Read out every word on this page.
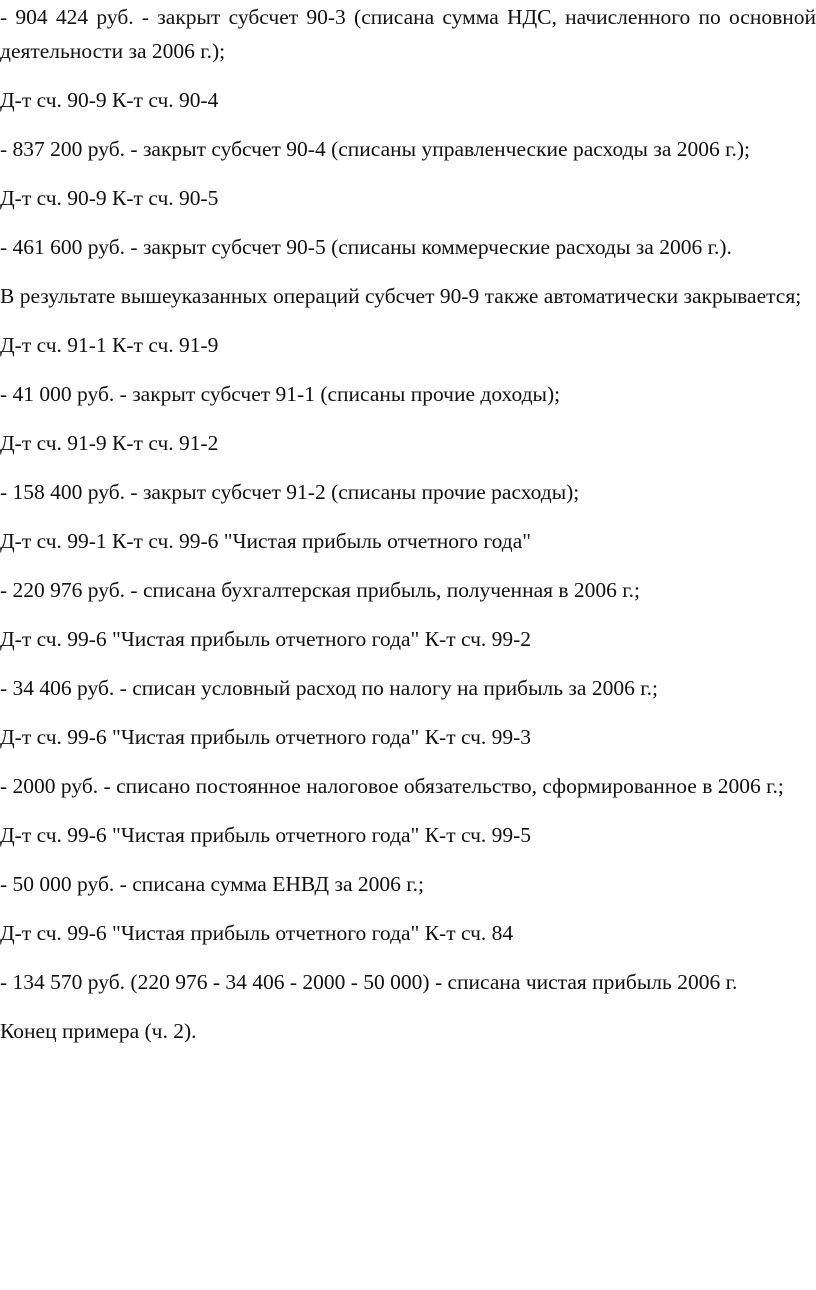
- 904 424 руб. - закрыт субсчет 90-3 (списана сумма НДС, начисленного по основной деятельности за 2006 г.);

Д-т сч. 90-9 К-т сч. 90-4

- 837 200 руб. - закрыт субсчет 90-4 (списаны управленческие расходы за 2006 г.);

Д-т сч. 90-9 К-т сч. 90-5

- 461 600 руб. - закрыт субсчет 90-5 (списаны коммерческие расходы за 2006 г.).

В результате вышеуказанных операций субсчет 90-9 также автоматически закрывается;

Д-т сч. 91-1 К-т сч. 91-9

- 41 000 руб. - закрыт субсчет 91-1 (списаны прочие доходы);

Д-т сч. 91-9 К-т сч. 91-2

- 158 400 руб. - закрыт субсчет 91-2 (списаны прочие расходы);

Д-т сч. 99-1 К-т сч. 99-6 "Чистая прибыль отчетного года"

- 220 976 руб. - списана бухгалтерская прибыль, полученная в 2006 г.;

Д-т сч. 99-6 "Чистая прибыль отчетного года" К-т сч. 99-2

- 34 406 руб. - списан условный расход по налогу на прибыль за 2006 г.;

Д-т сч. 99-6 "Чистая прибыль отчетного года" К-т сч. 99-3

- 2000 руб. - списано постоянное налоговое обязательство, сформированное в 2006 г.;

Д-т сч. 99-6 "Чистая прибыль отчетного года" К-т сч. 99-5

- 50 000 руб. - списана сумма ЕНВД за 2006 г.;

Д-т сч. 99-6 "Чистая прибыль отчетного года" К-т сч. 84

- 134 570 руб. (220 976 - 34 406 - 2000 - 50 000) - списана чистая прибыль 2006 г.

Конец примера (ч. 2).
